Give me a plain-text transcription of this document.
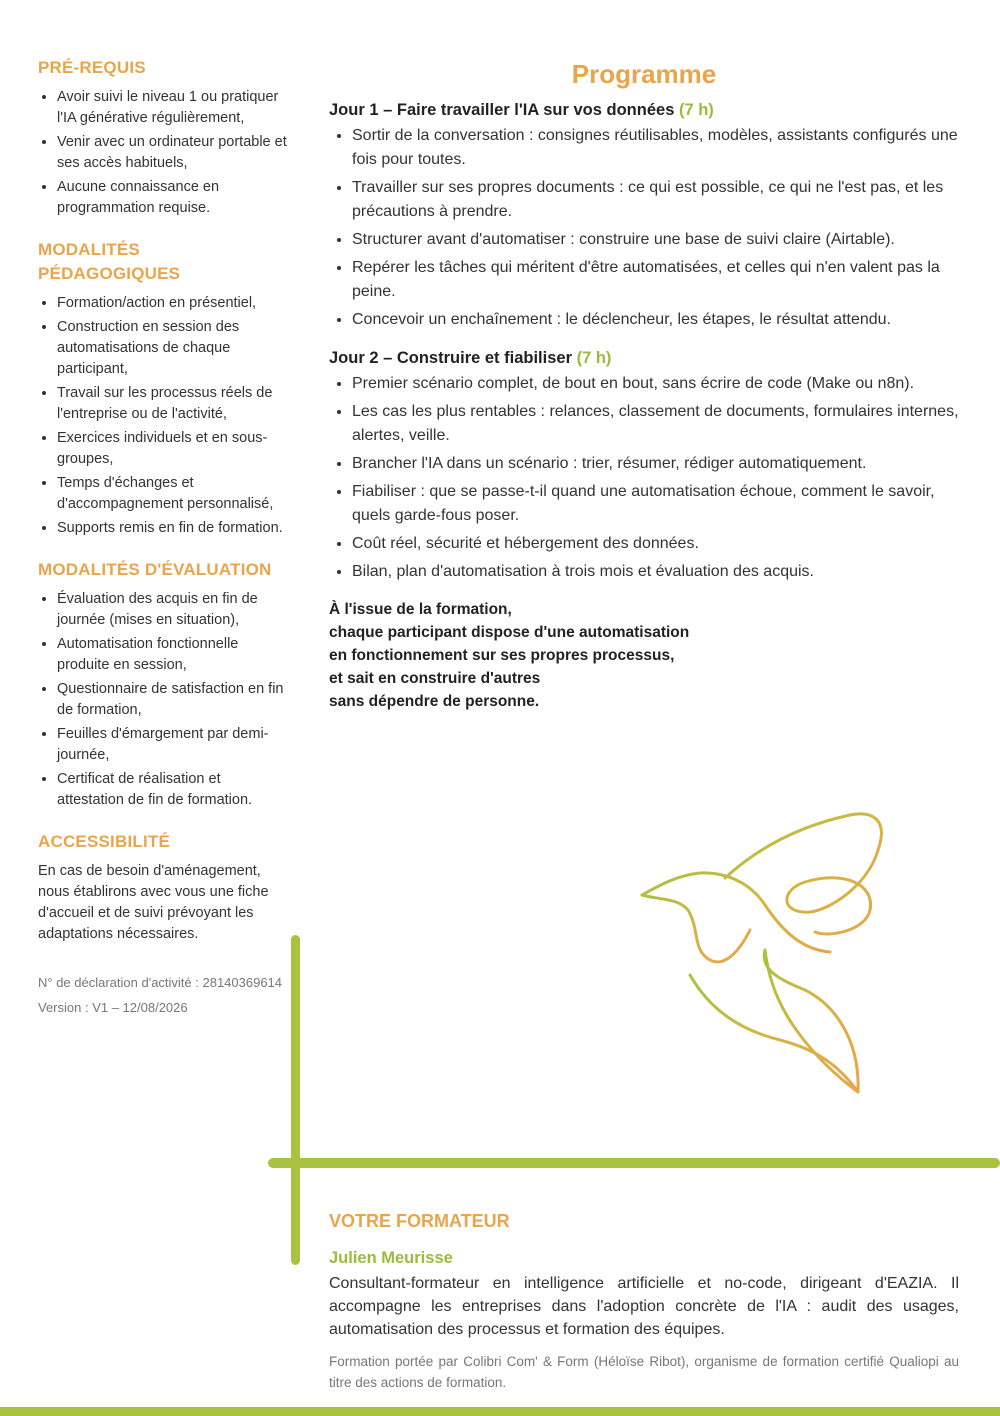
PRÉ-REQUIS
• Avoir suivi le niveau 1 ou pratiquer l'IA générative régulièrement,
• Venir avec un ordinateur portable et ses accès habituels,
• Aucune connaissance en programmation requise.
MODALITÉS
PÉDAGOGIQUES
• Formation/action en présentiel,
• Construction en session des automatisations de chaque participant,
• Travail sur les processus réels de l'entreprise ou de l'activité,
• Exercices individuels et en sous-groupes,
• Temps d'échanges et d'accompagnement personnalisé,
• Supports remis en fin de formation.
MODALITÉS D'ÉVALUATION
• Évaluation des acquis en fin de journée (mises en situation),
• Automatisation fonctionnelle produite en session,
• Questionnaire de satisfaction en fin de formation,
• Feuilles d'émargement par demi-journée,
• Certificat de réalisation et attestation de fin de formation.
ACCESSIBILITÉ

En cas de besoin d'aménagement, nous établirons avec vous une fiche d'accueil et de suivi prévoyant les adaptations nécessaires.

N° de déclaration d'activité : 28140369614
Version : V1 – 12/08/2026
Programme
Jour 1 – Faire travailler l'IA sur vos données (7 h)
• Sortir de la conversation : consignes réutilisables, modèles, assistants configurés une fois pour toutes.
• Travailler sur ses propres documents : ce qui est possible, ce qui ne l'est pas, et les précautions à prendre.
• Structurer avant d'automatiser : construire une base de suivi claire (Airtable).
• Repérer les tâches qui méritent d'être automatisées, et celles qui n'en valent pas la peine.
• Concevoir un enchaînement : le déclencheur, les étapes, le résultat attendu.
Jour 2 – Construire et fiabiliser (7 h)
• Premier scénario complet, de bout en bout, sans écrire de code (Make ou n8n).
• Les cas les plus rentables : relances, classement de documents, formulaires internes, alertes, veille.
• Brancher l'IA dans un scénario : trier, résumer, rédiger automatiquement.
• Fiabiliser : que se passe-t-il quand une automatisation échoue, comment le savoir, quels garde-fous poser.
• Coût réel, sécurité et hébergement des données.
• Bilan, plan d'automatisation à trois mois et évaluation des acquis.

À l'issue de la formation,
chaque participant dispose d'une automatisation
en fonctionnement sur ses propres processus,
et sait en construire d'autres
sans dépendre de personne.

VOTRE FORMATEUR
Julien Meurisse

Consultant-formateur en intelligence artificielle et no-code, dirigeant d'EAZIA. Il accompagne les entreprises dans l'adoption concrète de l'IA : audit des usages, automatisation des processus et formation des équipes.

Formation portée par Colibri Com' & Form (Héloïse Ribot), organisme de formation certifié Qualiopi au titre des actions de formation.
